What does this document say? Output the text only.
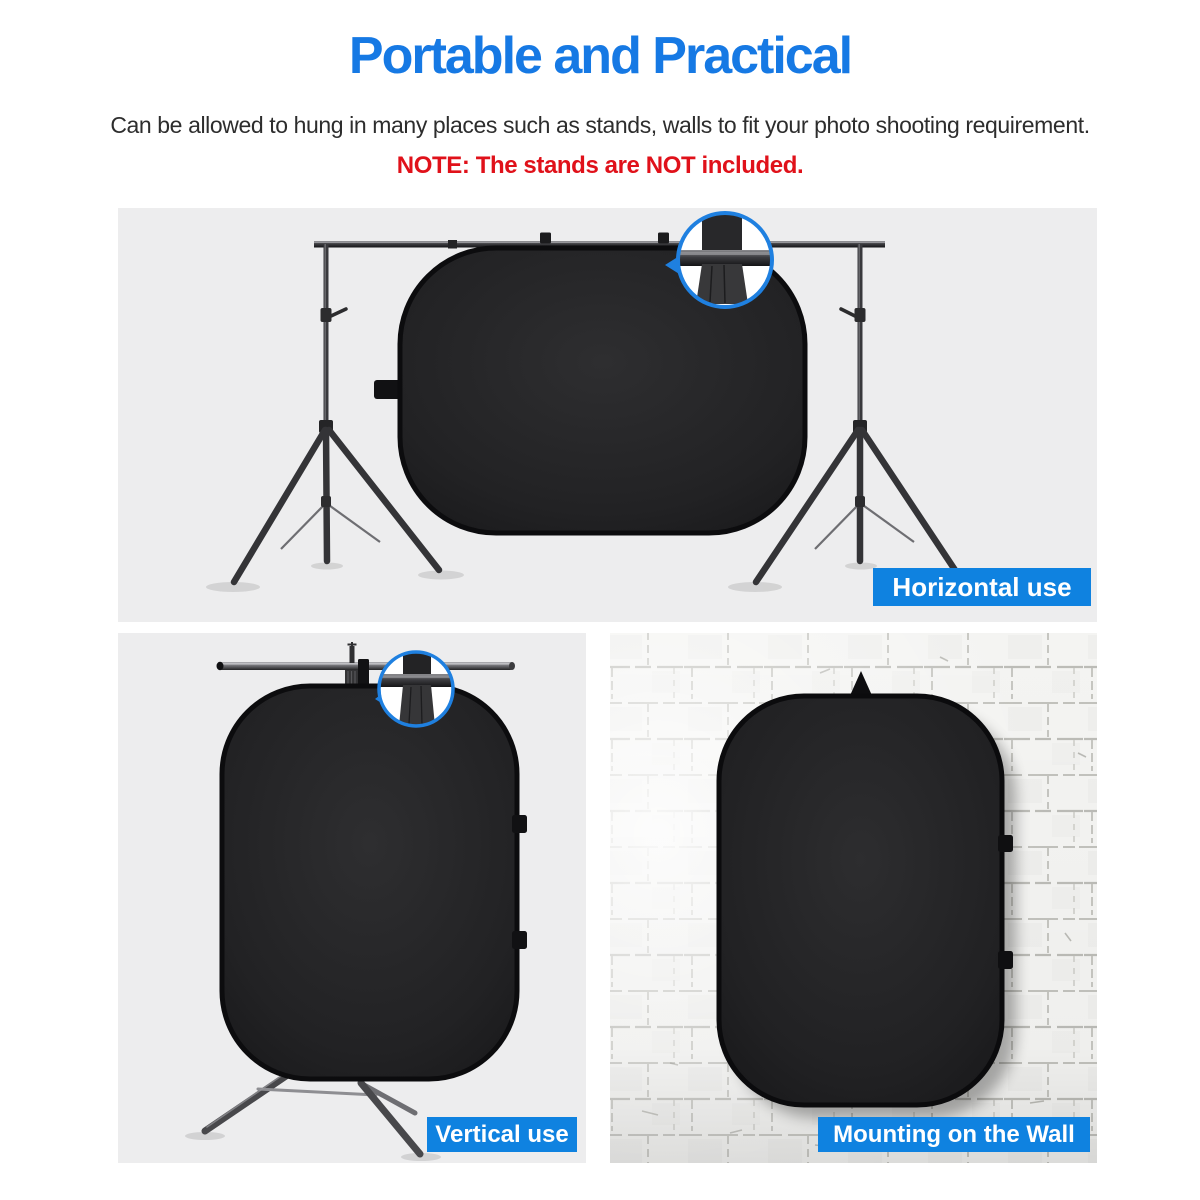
Portable and Practical

Can be allowed to hung in many places such as stands, walls to fit your photo shooting requirement.

NOTE: The stands are NOT included.

Horizontal use
Vertical use	Mounting on the Wall
